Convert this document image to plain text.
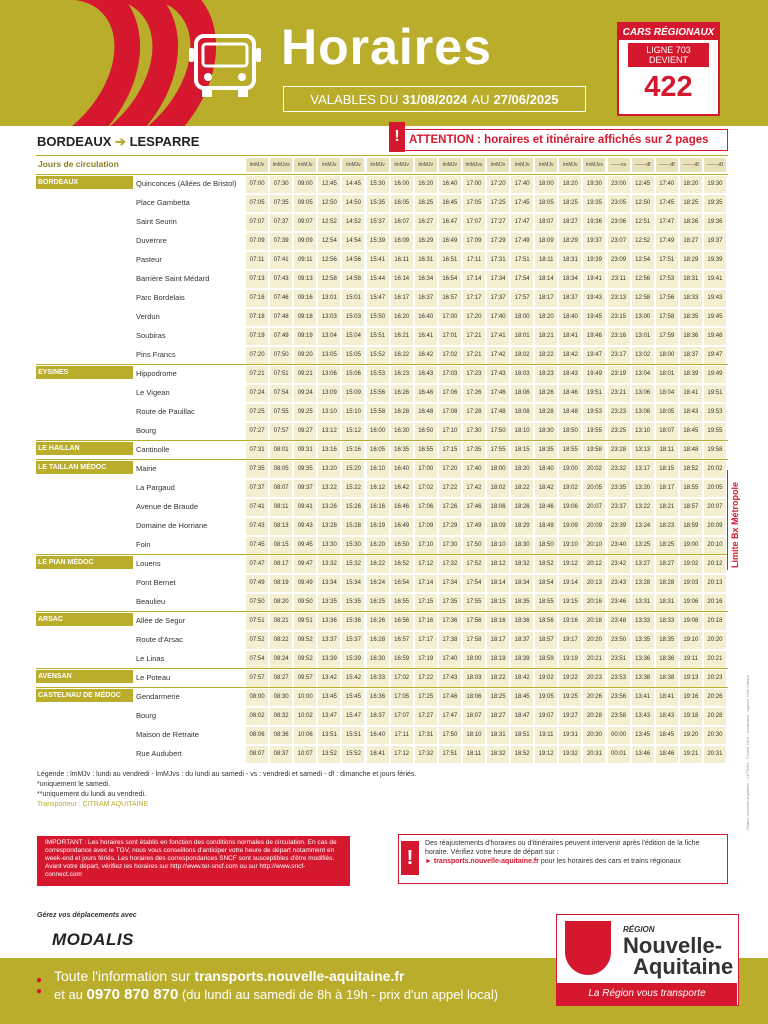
Horaires
VALABLES DU 31/08/2024 AU 27/06/2025
CARS RÉGIONAUX
LIGNE 703 DEVIENT
422
BORDEAUX ➔ LESPARRE	! ATTENTION : horaires et itinéraire affichés sur 2 pages
Jours de circulation	lmMJv	lmMJvs	lmMJv	lmMJv	lmMJv	lmMJv	lmMJv	lmMJv	lmMJv	lmMJvs	lmMJv	lmMJv	lmMJv	lmMJv	lmMJvs	------vs	-------df	-------df	-------df	-------df
BORDEAUX	Quinconces (Allées de Bristol)	07:00	07:30	09:00	12:45	14:45	15:30	16:00	16:20	16:40	17:00	17:20	17:40	18:00	18:20	19:30	23:00	12:45	17:40	18:20	19:30
Place Gambetta	07:05	07:35	09:05	12:50	14:50	15:35	16:05	16:25	16:45	17:05	17:25	17:45	18:05	18:25	19:35	23:05	12:50	17:45	18:25	19:35
Saint Seurin	07:07	07:37	09:07	12:52	14:52	15:37	16:07	16:27	16:47	17:07	17:27	17:47	18:07	18:27	19:36	23:06	12:51	17:47	18:26	19:36
Duvernre	07:09	07:39	09:09	12:54	14:54	15:39	16:09	16:29	16:49	17:09	17:29	17:49	18:09	18:29	19:37	23:07	12:52	17:49	18:27	19:37
Pasteur	07:11	07:41	09:11	12:56	14:56	15:41	16:11	16:31	16:51	17:11	17:31	17:51	18:11	18:31	19:39	23:09	12:54	17:51	18:29	19:39
Barrière Saint Médard	07:13	07:43	09:13	12:58	14:58	15:44	16:14	16:34	16:54	17:14	17:34	17:54	18:14	18:34	19:41	23:11	12:56	17:53	18:31	19:41
Parc Bordelais	07:16	07:46	09:16	13:01	15:01	15:47	16:17	16:37	16:57	17:17	17:37	17:57	18:17	18:37	19:43	23:13	12:58	17:56	18:33	19:43
Verdun	07:18	07:48	09:18	13:03	15:03	15:50	16:20	16:40	17:00	17:20	17:40	18:00	18:20	18:40	19:45	23:15	13:00	17:58	18:35	19:45
Soubiras	07:19	07:49	09:19	13:04	15:04	15:51	16:21	16:41	17:01	17:21	17:41	18:01	18:21	18:41	19:46	23:16	13:01	17:59	18:36	19:46
Pins Francs	07:20	07:50	09:20	13:05	15:05	15:52	16:22	16:42	17:02	17:21	17:42	18:02	18:22	18:42	19:47	23:17	13:02	18:00	18:37	19:47
EYSINES	Hippodrome	07:21	07:51	09:21	13:06	15:06	15:53	16:23	16:43	17:03	17:23	17:43	18:03	18:23	18:43	19:49	23:19	13:04	18:01	18:39	19:49
Le Vigean	07:24	07:54	09:24	13:09	15:09	15:56	16:26	16:46	17:06	17:26	17:46	18:06	18:26	18:46	19:51	23:21	13:06	18:04	18:41	19:51
Route de Pauillac	07:25	07:55	09:25	13:10	15:10	15:58	16:28	16:48	17:08	17:28	17:48	18:08	18:28	18:48	19:53	23:23	13:08	18:05	18:43	19:53
Bourg	07:27	07:57	09:27	13:12	15:12	16:00	16:30	16:50	17:10	17:30	17:50	18:10	18:30	18:50	19:55	23:25	13:10	18:07	18:45	19:55
LE HAILLAN	Cantinolle	07:31	08:01	09:31	13:16	15:16	16:05	16:35	16:55	17:15	17:35	17:55	18:15	18:35	18:55	19:58	23:28	13:13	18:11	18:48	19:58
LE TAILLAN MÉDOC	Mairie	07:35	08:05	09:35	13:20	15:20	16:10	16:40	17:00	17:20	17:40	18:00	18:20	18:40	19:00	20:02	23:32	13:17	18:15	18:52	20:02
La Pargaud	07:37	08:07	09:37	13:22	15:22	16:12	16:42	17:02	17:22	17:42	18:02	18:22	18:42	19:02	20:05	23:35	13:20	18:17	18:55	20:05
Avenue de Braude	07:41	08:11	09:41	13:26	15:26	16:16	16:46	17:06	17:26	17:46	18:06	18:26	18:46	19:06	20:07	23:37	13:22	18:21	18:57	20:07
Domaine de Horriane	07:43	08:13	09:43	13:28	15:28	16:19	16:49	17:09	17:29	17:49	18:09	18:29	18:49	19:09	20:09	23:39	13:24	18:23	18:59	20:09
Foin	07:45	08:15	09:45	13:30	15:30	16:20	16:50	17:10	17:30	17:50	18:10	18:30	18:50	19:10	20:10	23:40	13:25	18:25	19:00	20:10
LE PIAN MÉDOC	Louens	07:47	08:17	09:47	13:32	15:32	16:22	16:52	17:12	17:32	17:52	18:12	18:32	18:52	19:12	20:12	23:42	13:27	18:27	19:02	20:12
Pont Bernet	07:49	08:19	09:49	13:34	15:34	16:24	16:54	17:14	17:34	17:54	18:14	18:34	18:54	19:14	20:13	23:43	13:28	18:28	19:03	20:13
Beaulieu	07:50	08:20	09:50	13:35	15:35	16:25	16:55	17:15	17:35	17:55	18:15	18:35	18:55	19:15	20:16	23:46	13:31	18:31	19:06	20:16
ARSAC	Allée de Segur	07:51	08:21	09:51	13:36	15:36	16:26	16:56	17:16	17:36	17:56	18:16	18:36	18:56	19:16	20:18	23:48	13:33	18:33	19:08	20:18
Route d'Arsac	07:52	08:22	09:52	13:37	15:37	16:28	16:57	17:17	17:38	17:58	18:17	18:37	18:57	19:17	20:20	23:50	13:35	18:35	19:10	20:20
Le Linas	07:54	08:24	09:52	13:39	15:39	16:30	16:59	17:19	17:40	18:00	18:19	18:39	18:59	19:19	20:21	23:51	13:36	18:36	19:11	20:21
AVENSAN	Le Poteau	07:57	08:27	09:57	13:42	15:42	16:33	17:02	17:22	17:43	18:03	18:22	18:42	19:02	19:22	20:23	23:53	13:38	18:38	19:13	20:23
CASTELNAU DE MÉDOC	Gendarmerie	08:00	08:30	10:00	13:45	15:45	16:36	17:05	17:25	17:46	18:06	18:25	18:45	19:05	19:25	20:26	23:56	13:41	18:41	19:16	20:26
Bourg	08:02	08:32	10:02	13:47	15:47	16:37	17:07	17:27	17:47	18:07	18:27	18:47	19:07	19:27	20:28	23:58	13:43	18:43	19:18	20:28
Maison de Retraite	08:06	08:36	10:06	13:51	15:51	16:40	17:11	17:31	17:50	18:10	18:31	18:51	19:11	19:31	20:30	00:00	13:45	18:45	19:20	20:30
Rue Audubert	08:07	08:37	10:07	13:52	15:52	16:41	17:12	17:32	17:51	18:11	18:32	18:52	19:12	19:32	20:31	00:01	13:46	18:46	19:21	20:31
Limite Bx Métropole
Légende : lmMJv : lundi au vendredi - lmMJvs : du lundi au samedi - vs : vendredi et samedi - df : dimanche et jours fériés.
*uniquement le samedi.
**uniquement du lundi au vendredi.
Transporteur : CITRAM AQUITAINE
IMPORTANT : Les horaires sont établis en fonction des conditions normales de circulation. En cas de correspondance avec le TGV, nous vous conseillons d'anticiper votre heure de départ notamment en week-end et jours fériés. Les horaires des correspondances SNCF sont susceptibles d'être modifiés. Avant votre départ, vérifiez les horaires sur http://www.ter-sncf.com ou sur http://www.sncf-connect.com
!
Des réajustements d'horaires ou d'itinéraires peuvent intervenir après l'édition de la fiche horaire. Vérifiez votre heure de départ sur :
► transports.nouvelle-aquitaine.fr pour les horaires des cars et trains régionaux
Gérez vos déplacements avec
MODALIS
Région Nouvelle-Aquitaine - 24/TR/03 - Février 2024 - réalisation : agence Noël Campo
●
●
Toute l'information sur transports.nouvelle-aquitaine.fr
et au 0970 870 870 (du lundi au samedi de 8h à 19h - prix d'un appel local)
RÉGION
Nouvelle-
Aquitaine
La Région vous transporte
